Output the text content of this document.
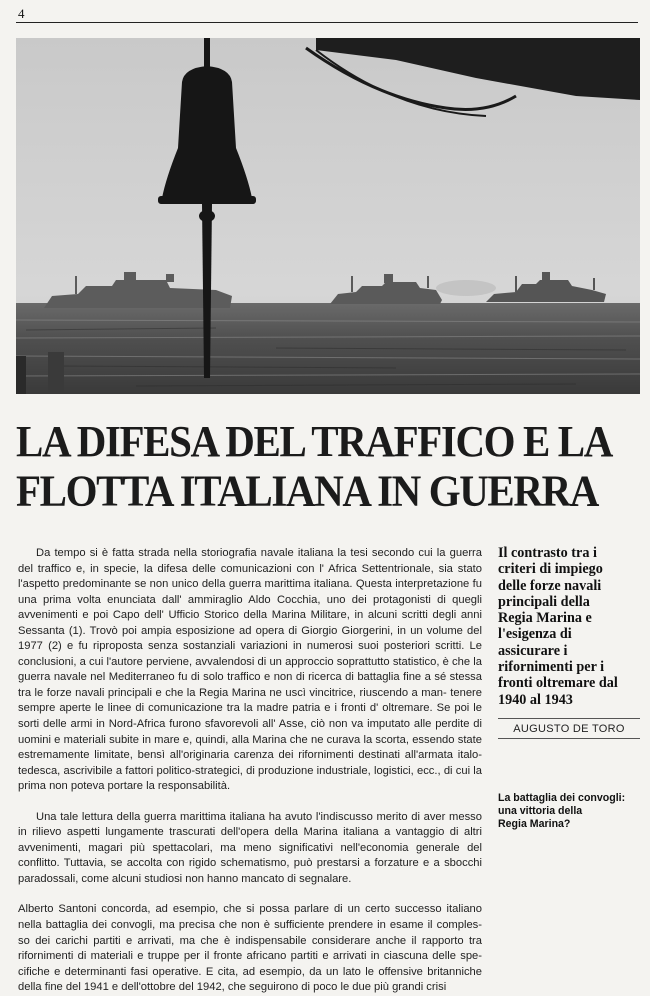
4
LA DIFESA DEL TRAFFICO E LA
FLOTTA ITALIANA IN GUERRA

Da tempo si è fatta strada nella storiografia navale italiana la tesi secondo cui la guerra del traffico e, in specie, la difesa delle comunicazioni con l' Africa Settentrionale, sia stato l'aspetto predominante se non unico della guerra marittima italiana. Questa interpretazione fu una prima volta enunciata dall' ammiraglio Aldo Cocchia, uno dei protagonisti di quegli avvenimenti e poi Capo dell' Ufficio Storico della Marina Militare, in alcuni scritti degli anni Sessanta (1). Trovò poi ampia esposizione ad opera di Giorgio Giorgerini, in un volume del 1977 (2) e fu riproposta senza sostanziali variazioni in numerosi suoi posteriori scritti. Le conclusioni, a cui l'autore perviene, avvalendosi di un approccio soprattutto statistico, è che la guerra navale nel Mediterraneo fu di solo traffico e non di ricerca di battaglia fine a sé stessa tra le forze navali principali e che la Regia Marina ne uscì vincitrice, riuscendo a man- tenere sempre aperte le linee di comunicazione tra la madre patria e i fronti d' oltremare. Se poi le sorti delle armi in Nord-Africa furono sfavorevoli all' Asse, ciò non va imputato alle perdite di uomini e materiali subite in mare e, quindi, alla Marina che ne curava la scorta, essendo state estremamente limitate, bensì all'originaria carenza dei rifornimenti destinati all'armata italo-tedesca, ascrivibile a fattori politico-strategici, di produzione industriale, logistici, ecc., di cui la prima non poteva portare la responsabilità.

Una tale lettura della guerra marittima italiana ha avuto l'indiscusso merito di aver messo in rilievo aspetti lungamente trascurati dell'opera della Marina italiana a vantaggio di altri avvenimenti, magari più spettacolari, ma meno significativi nell'economia generale del conflitto. Tuttavia, se accolta con rigido schematismo, può prestarsi a forzature e a sbocchi paradossali, come alcuni studiosi non hanno mancato di segnalare.

Alberto Santoni concorda, ad esempio, che si possa parlare di un certo successo italiano nella battaglia dei convogli, ma precisa che non è sufficiente prendere in esame il comples- so dei carichi partiti e arrivati, ma che è indispensabile considerare anche il rapporto tra rifornimenti di materiali e truppe per il fronte africano partiti e arrivati in ciascuna delle spe- cifiche e determinanti fasi operative. E cita, ad esempio, da un lato le offensive britanniche della fine del 1941 e dell'ottobre del 1942, che seguirono di poco le due più grandi crisi

Il contrasto tra i
criteri di impiego
delle forze navali
principali della
Regia Marina e
l'esigenza di
assicurare i
rifornimenti per i
fronti oltremare dal
1940 al 1943

AUGUSTO DE TORO
La battaglia dei convogli:
una vittoria della
Regia Marina?
